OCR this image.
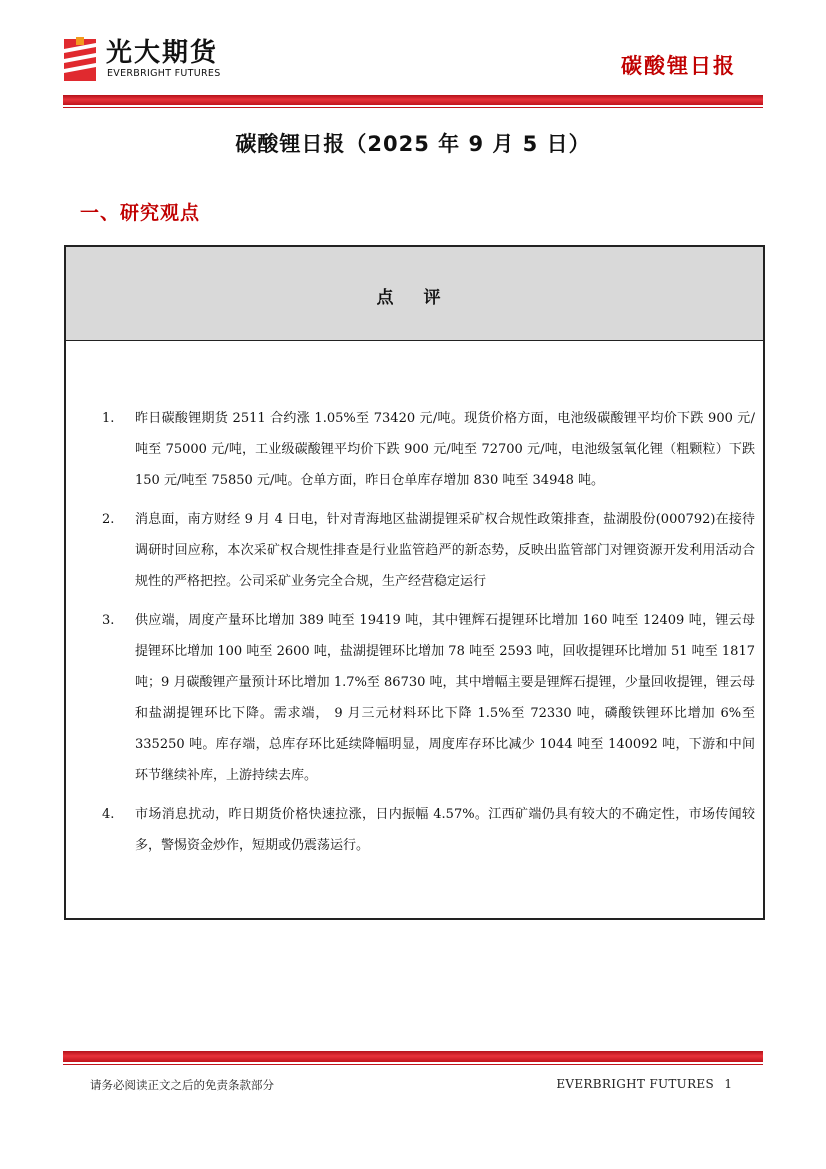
光大期货
EVERBRIGHT FUTURES	碳酸锂日报
碳酸锂日报（2025 年 9 月 5 日）
一、研究观点
点 评
1. 昨日碳酸锂期货 2511 合约涨 1.05%至 73420 元/吨。现货价格方面，电池级碳酸锂平均价下跌 900 元/吨至 75000 元/吨，工业级碳酸锂平均价下跌 900 元/吨至 72700 元/吨，电池级氢氧化锂（粗颗粒）下跌 150 元/吨至 75850 元/吨。仓单方面，昨日仓单库存增加 830 吨至 34948 吨。
2. 消息面，南方财经 9 月 4 日电，针对青海地区盐湖提锂采矿权合规性政策排查，盐湖股份(000792)在接待调研时回应称，本次采矿权合规性排查是行业监管趋严的新态势，反映出监管部门对锂资源开发利用活动合规性的严格把控。公司采矿业务完全合规，生产经营稳定运行
3. 供应端，周度产量环比增加 389 吨至 19419 吨，其中锂辉石提锂环比增加 160 吨至 12409 吨，锂云母提锂环比增加 100 吨至 2600 吨，盐湖提锂环比增加 78 吨至 2593 吨，回收提锂环比增加 51 吨至 1817 吨；9 月碳酸锂产量预计环比增加 1.7%至 86730 吨，其中增幅主要是锂辉石提锂，少量回收提锂，锂云母和盐湖提锂环比下降。需求端， 9 月三元材料环比下降 1.5%至 72330 吨，磷酸铁锂环比增加 6%至 335250 吨。库存端，总库存环比延续降幅明显，周度库存环比减少 1044 吨至 140092 吨，下游和中间环节继续补库，上游持续去库。
4. 市场消息扰动，昨日期货价格快速拉涨，日内振幅 4.57%。江西矿端仍具有较大的不确定性，市场传闻较多，警惕资金炒作，短期或仍震荡运行。
请务必阅读正文之后的免责条款部分	EVERBRIGHT FUTURES 1
